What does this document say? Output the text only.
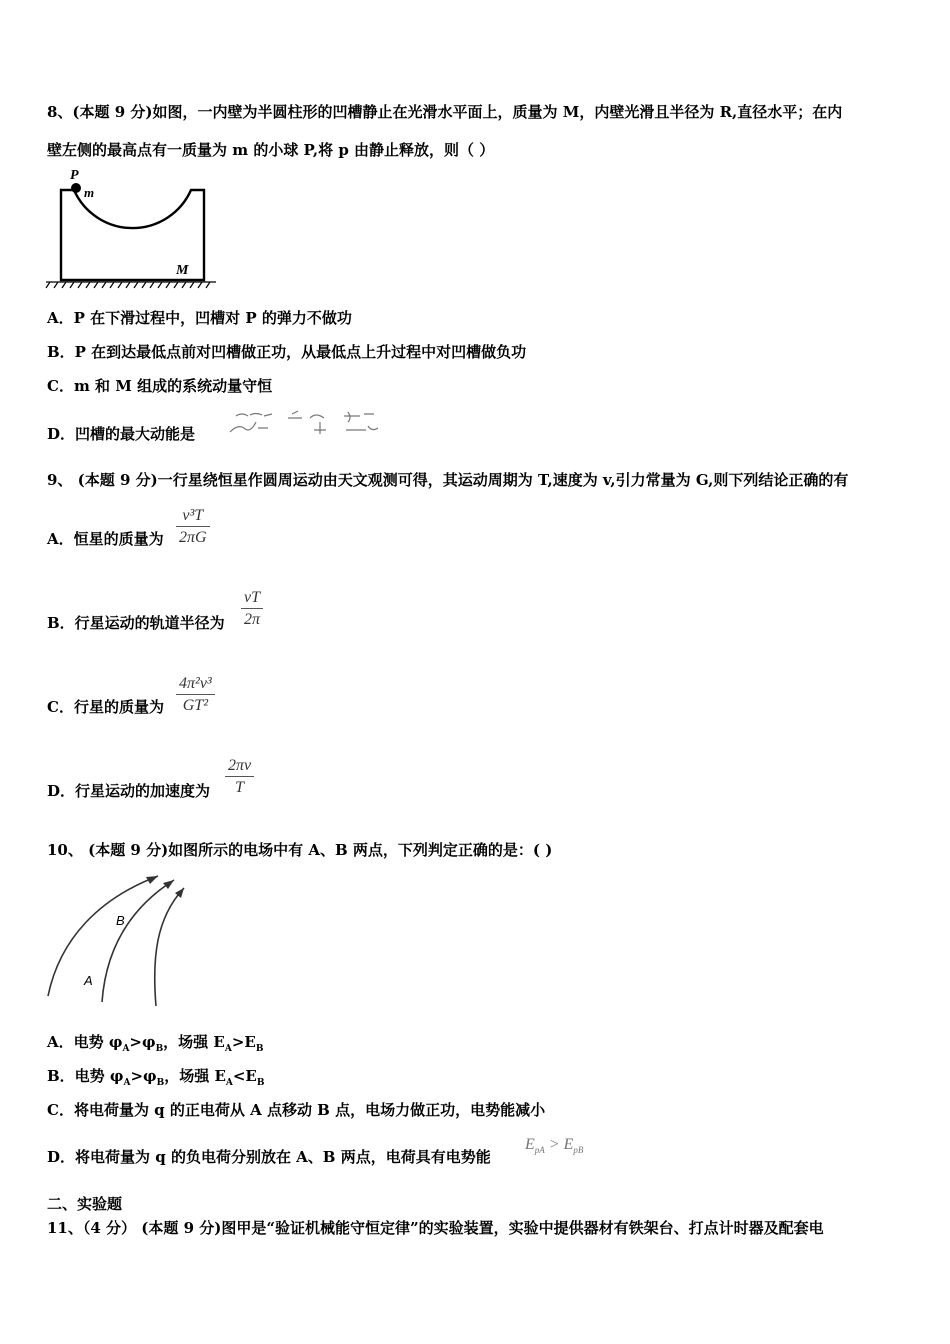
8、(本题 9 分)如图，一内壁为半圆柱形的凹槽静止在光滑水平面上，质量为 M，内壁光滑且半径为 R,直径水平；在内
壁左侧的最高点有一质量为 m 的小球 P,将 p 由静止释放，则（ ）
P
m
M
A．P 在下滑过程中，凹槽对 P 的弹力不做功
B．P 在到达最低点前对凹槽做正功，从最低点上升过程中对凹槽做负功
C．m 和 M 组成的系统动量守恒
D．凹槽的最大动能是
9、 (本题 9 分)一行星绕恒星作圆周运动由天文观测可得，其运动周期为 T,速度为 v,引力常量为 G,则下列结论正确的有
A．恒星的质量为 $\frac{\text{v³T}}{2\pi G}$
B．行星运动的轨道半径为 $\frac{vT}{2\pi}$
C．行星的质量为 $\frac{\text{4π²v³}}{\text{GT²}}$
D．行星运动的加速度为 $\frac{2\pi v}{T}$
10、 (本题 9 分)如图所示的电场中有 A、B 两点，下列判定正确的是：( )
B
A
A．电势 $\varphi_A>\varphi_B$，场强 $E_A>E_B$
B．电势 $\varphi_A>\varphi_B$，场强 $E_A<E_B$
C．将电荷量为 q 的正电荷从 A 点移动 B 点，电场力做正功，电势能减小
D．将电荷量为 q 的负电荷分别放在 A、B 两点，电荷具有电势能
$E_{pA} > E_{pB}$
二、实验题
11、（4 分） (本题 9 分)图甲是“验证机械能守恒定律”的实验装置，实验中提供器材有铁架台、打点计时器及配套电
